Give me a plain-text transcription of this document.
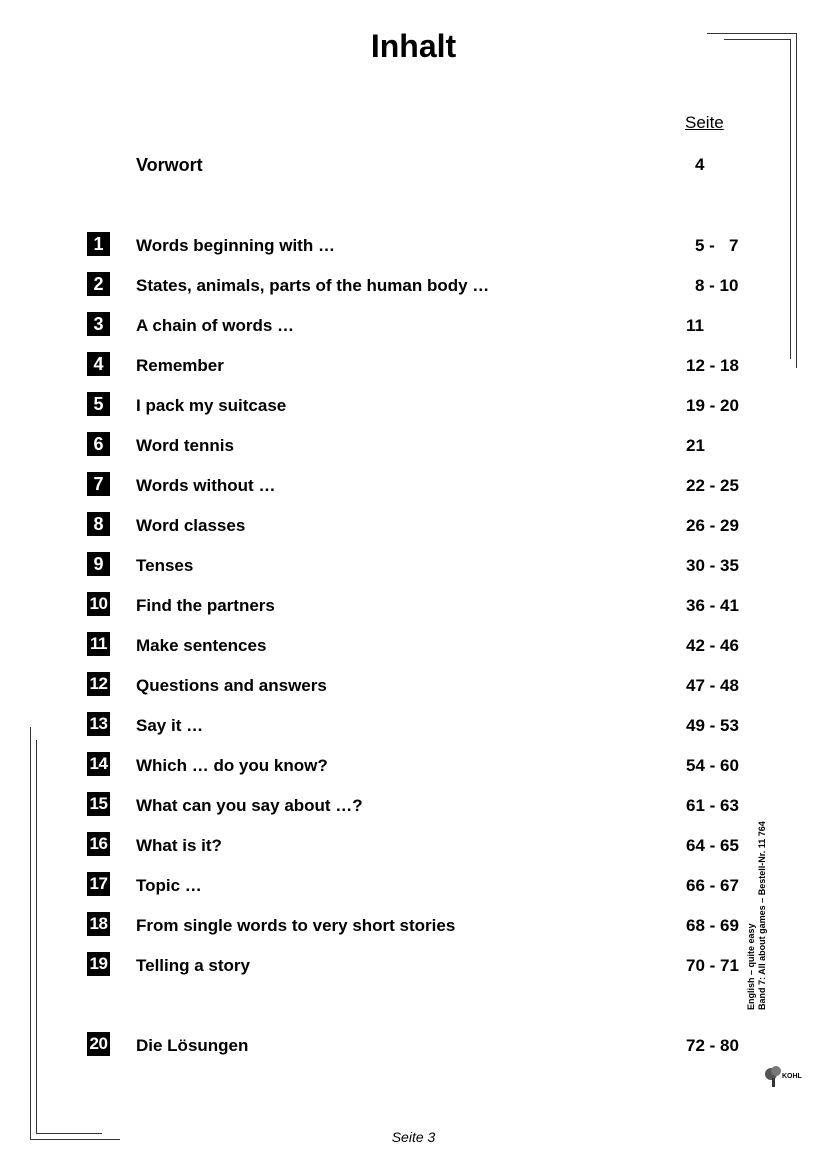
Inhalt
Seite
Vorwort	4
1	Words beginning with …	5 -   7
2	States, animals, parts of the human body …	8 - 10
3	A chain of words …	11
4	Remember	12 - 18
5	I pack my suitcase	19 - 20
6	Word tennis	21
7	Words without …	22 - 25
8	Word classes	26 - 29
9	Tenses	30 - 35
10 Find the partners	36 - 41
11 Make sentences	42 - 46
12 Questions and answers	47 - 48
13 Say it …	49 - 53
14 Which … do you know?	54 - 60
15 What can you say about …?	61 - 63
16 What is it?	64 - 65
17 Topic …	66 - 67
18 From single words to very short stories	68 - 69
19 Telling a story	70 - 71
20 Die Lösungen	72 - 80
Seite 3
English – quite easy Band 7: All about games – Bestell-Nr. 11 764
KOHL
